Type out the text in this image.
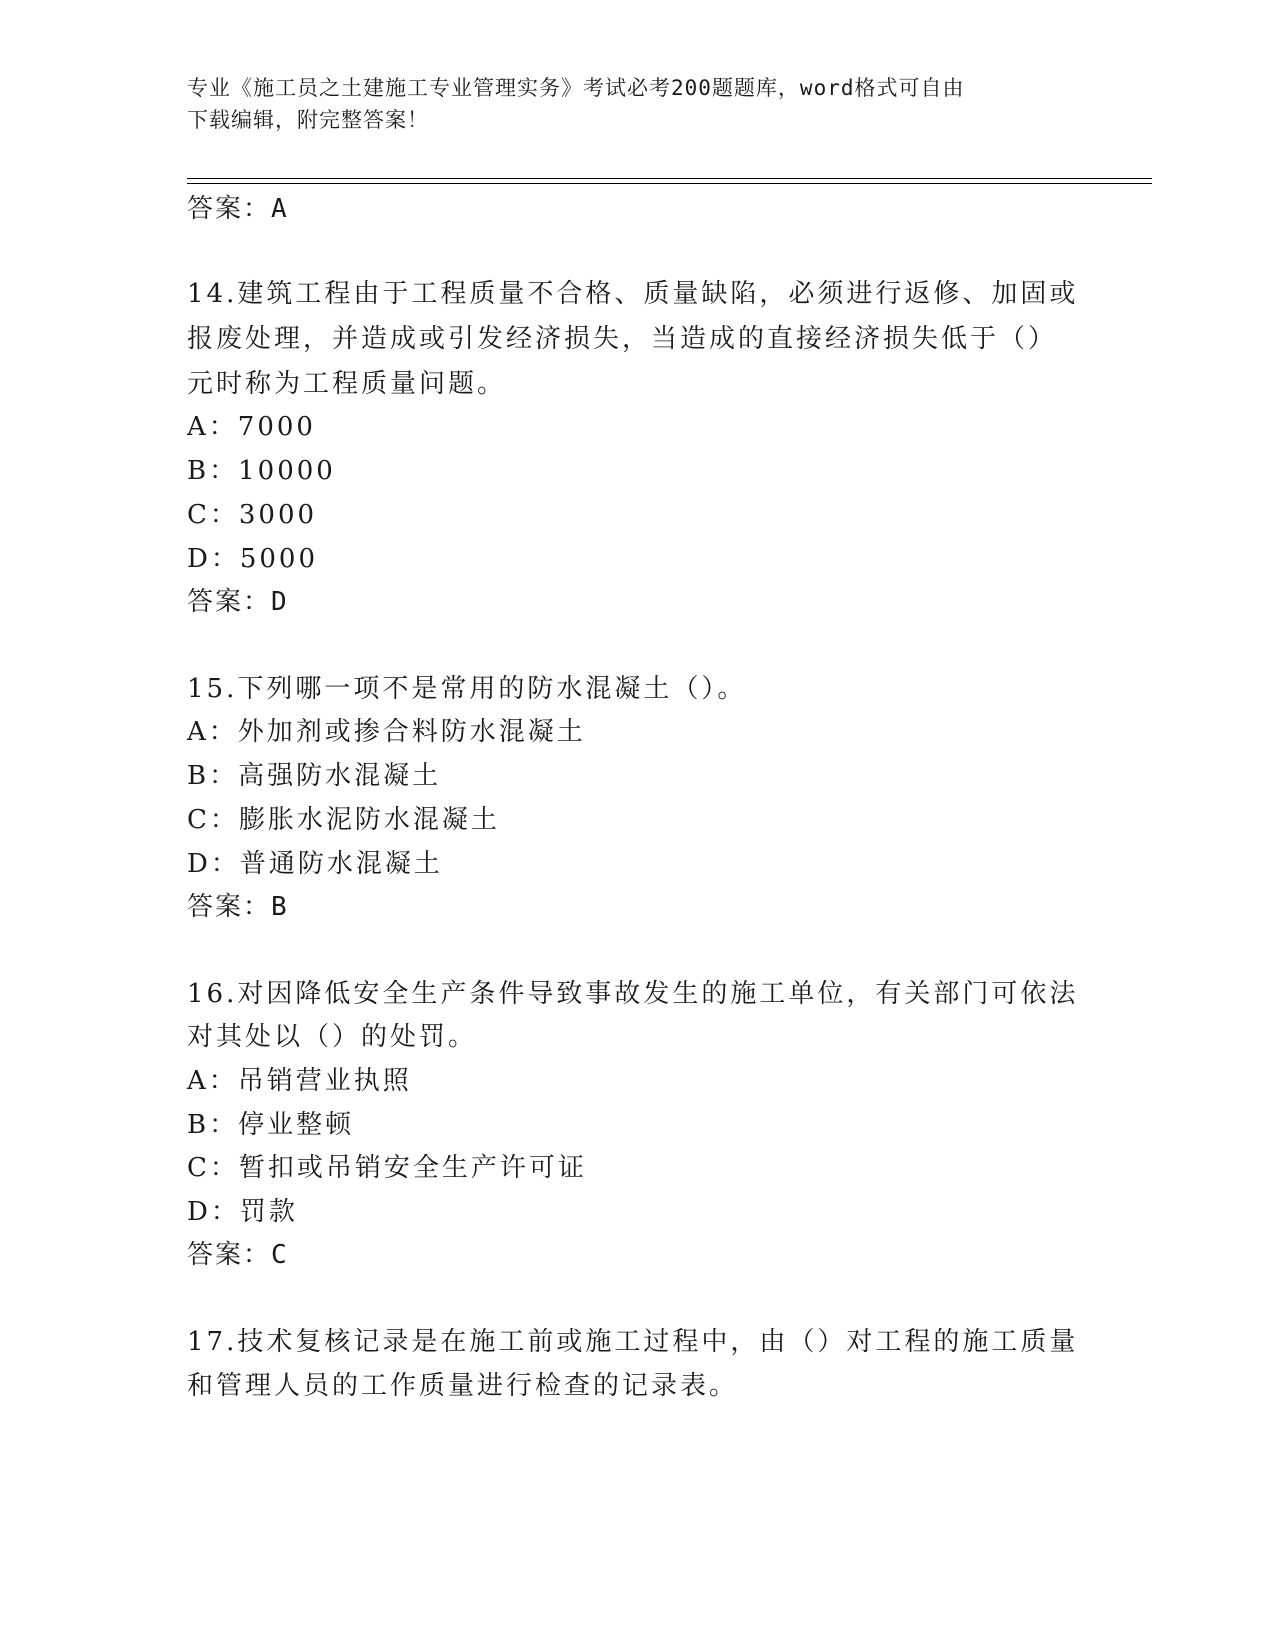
专业《施工员之土建施工专业管理实务》考试必考200题题库，word格式可自由
下载编辑，附完整答案！
答案：A
14.建筑工程由于工程质量不合格、质量缺陷，必须进行返修、加固或
报废处理，并造成或引发经济损失，当造成的直接经济损失低于（）
元时称为工程质量问题。
A：7000
B：10000
C：3000
D：5000
答案：D
15.下列哪一项不是常用的防水混凝土（）。
A：外加剂或掺合料防水混凝土
B：高强防水混凝土
C：膨胀水泥防水混凝土
D：普通防水混凝土
答案：B
16.对因降低安全生产条件导致事故发生的施工单位，有关部门可依法
对其处以（）的处罚。
A：吊销营业执照
B：停业整顿
C：暂扣或吊销安全生产许可证
D：罚款
答案：C
17.技术复核记录是在施工前或施工过程中，由（）对工程的施工质量
和管理人员的工作质量进行检查的记录表。
